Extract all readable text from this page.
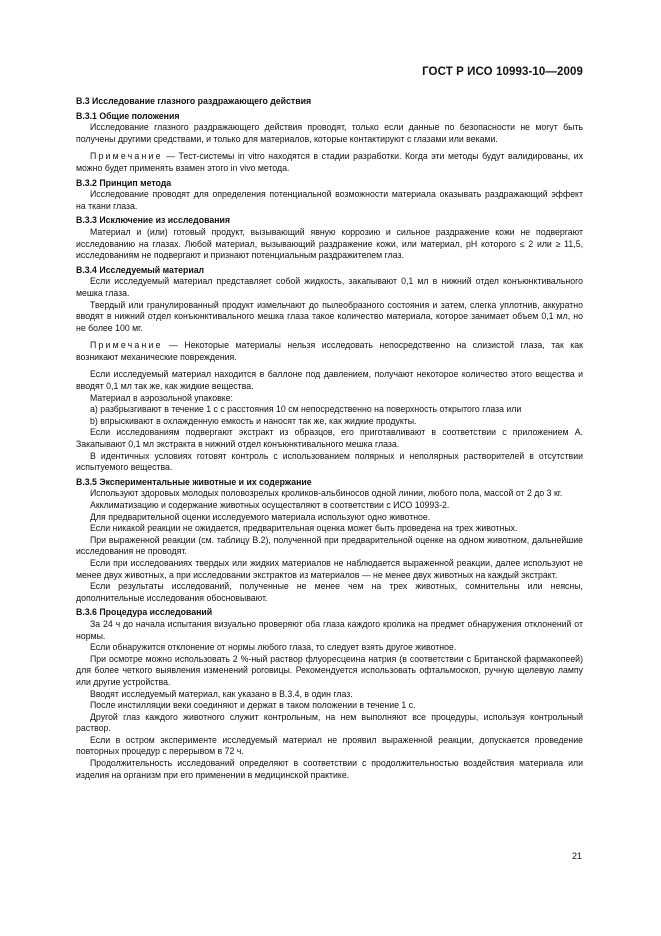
ГОСТ Р ИСО 10993-10—2009

В.3 Исследование глазного раздражающего действия

В.3.1 Общие положения

Исследование глазного раздражающего действия проводят, только если данные по безопасности не могут быть получены другими средствами, и только для материалов, которые контактируют с глазами или веками.

Примечание — Тест-системы in vitro находятся в стадии разработки. Когда эти методы будут валидированы, их можно будет применять взамен этого in vivo метода.

В.3.2 Принцип метода

Исследование проводят для определения потенциальной возможности материала оказывать раздражающий эффект на ткани глаза.

В.3.3 Исключение из исследования

Материал и (или) готовый продукт, вызывающий явную коррозию и сильное раздражение кожи не подвергают исследованию на глазах. Любой материал, вызывающий раздражение кожи, или материал, pH которого ≤ 2 или ≥ 11,5, исследованиям не подвергают и признают потенциальным раздражителем глаз.

В.3.4 Исследуемый материал

Если исследуемый материал представляет собой жидкость, закапывают 0,1 мл в нижний отдел конъюнктивального мешка глаза.

Твердый или гранулированный продукт измельчают до пылеобразного состояния и затем, слегка уплотнив, аккуратно вводят в нижний отдел конъюнктивального мешка глаза такое количество материала, которое занимает объем 0,1 мл, но не более 100 мг.

Примечание — Некоторые материалы нельзя исследовать непосредственно на слизистой глаза, так как возникают механические повреждения.

Если исследуемый материал находится в баллоне под давлением, получают некоторое количество этого вещества и вводят 0,1 мл так же, как жидкие вещества.

Материал в аэрозольной упаковке:

a) разбрызгивают в течение 1 с с расстояния 10 cм непосредственно на поверхность открытого глаза или

b) впрыскивают в охлажденную емкость и наносят так же, как жидкие продукты.

Если исследованиям подвергают экстракт из образцов, его приготавливают в соответствии с приложением А. Закапывают 0,1 мл экстракта в нижний отдел конъюнктивального мешка глаза.

В идентичных условиях готовят контроль с использованием полярных и неполярных растворителей в отсутствии испытуемого вещества.

В.3.5 Экспериментальные животные и их содержание

Используют здоровых молодых половозрелых кроликов-альбиносов одной линии, любого пола, массой от 2 до 3 кг.

Акклиматизацию и содержание животных осуществляют в соответствии с ИСО 10993-2.

Для предварительной оценки исследуемого материала используют одно животное.

Если никакой реакции не ожидается, предварительная оценка может быть проведена на трех животных.

При выраженной реакции (см. таблицу В.2), полученной при предварительной оценке на одном животном, дальнейшие исследования не проводят.

Если при исследованиях твердых или жидких материалов не наблюдается выраженной реакции, далее используют не менее двух животных, а при исследовании экстрактов из материалов — не менее двух животных на каждый экстракт.

Если результаты исследований, полученные не менее чем на трех животных, сомнительны или неясны, дополнительные исследования обосновывают.

В.3.6 Процедура исследований

За 24 ч до начала испытания визуально проверяют оба глаза каждого кролика на предмет обнаружения отклонений от нормы.

Если обнаружится отклонение от нормы любого глаза, то следует взять другое животное.

При осмотре можно использовать 2 %-ный раствор флуоресцеина натрия (в соответствии с Британской фармакопеей) для более четкого выявления изменений роговицы. Рекомендуется использовать офтальмоскоп, ручную щелевую лампу или другие устройства.

Вводят исследуемый материал, как указано в В.3.4, в один глаз.

После инстилляции веки соединяют и держат в таком положении в течение 1 с.

Другой глаз каждого животного служит контрольным, на нем выполняют все процедуры, используя контрольный раствор.

Если в остром эксперименте исследуемый материал не проявил выраженной реакции, допускается проведение повторных процедур с перерывом в 72 ч.

Продолжительность исследований определяют в соответствии с продолжительностью воздействия материала или изделия на организм при его применении в медицинской практике.

21
